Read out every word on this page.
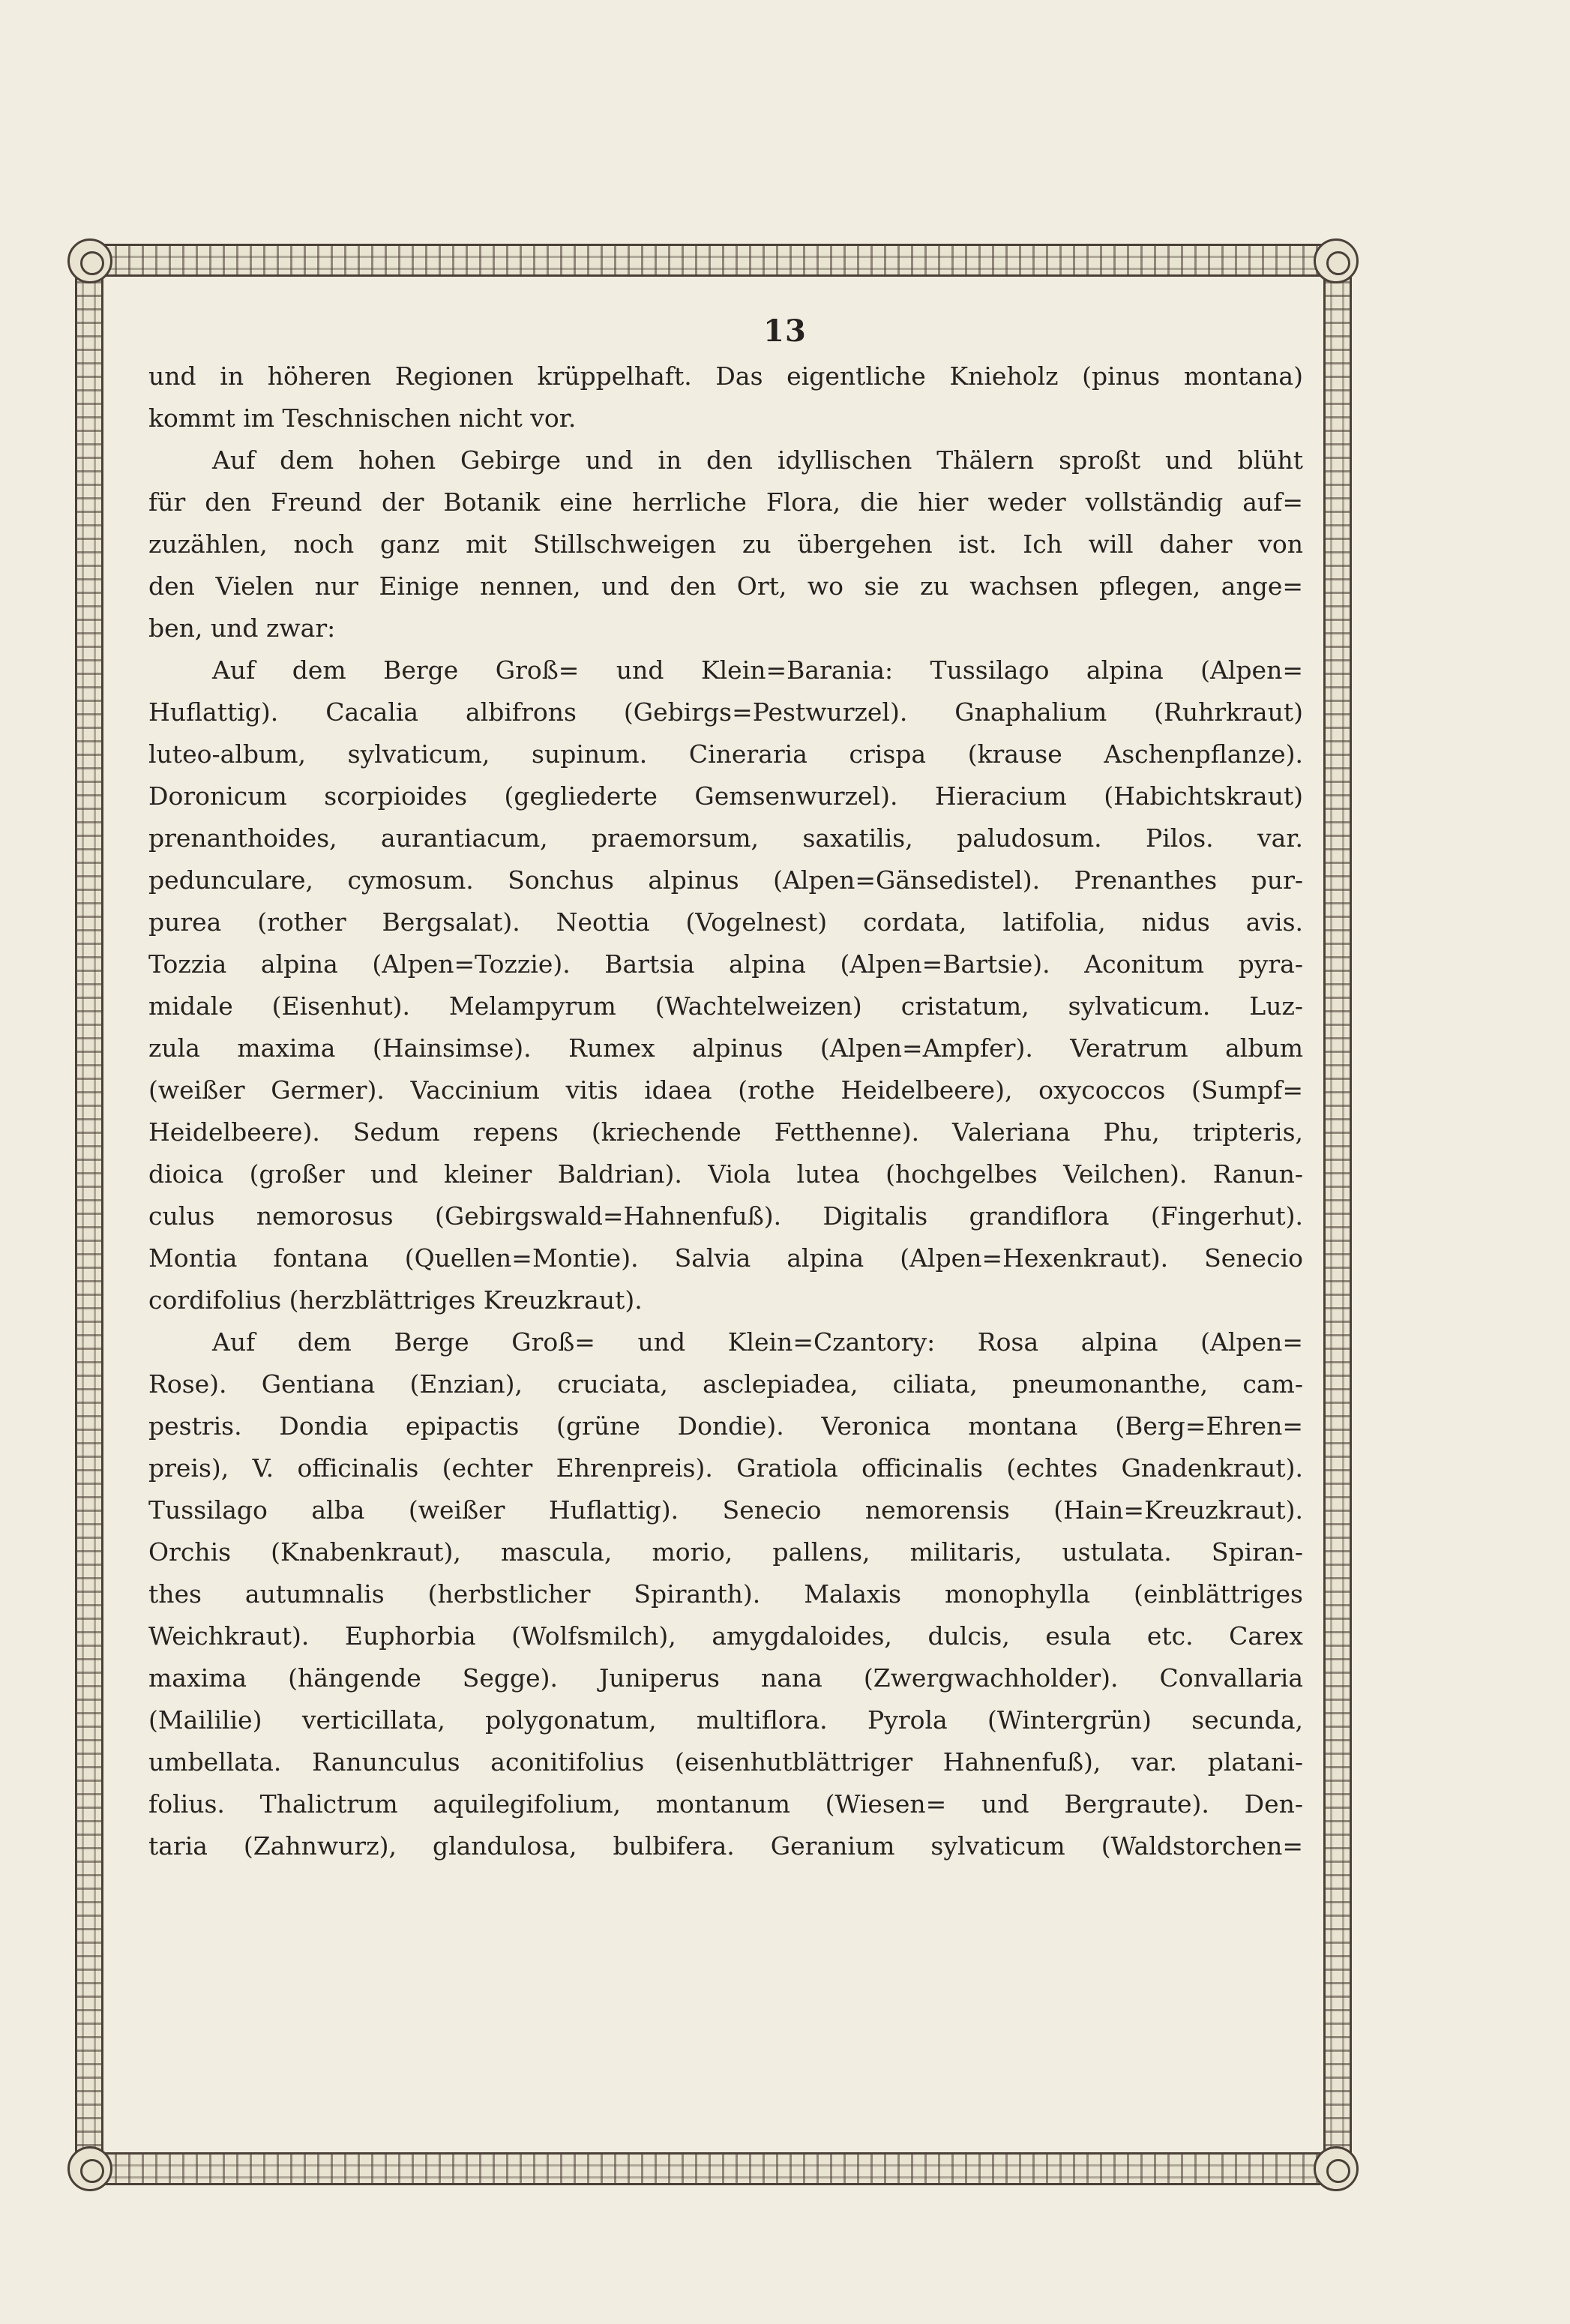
13
und in höheren Regionen krüppelhaft. Das eigentliche Knieholz (pinus montana)
kommt im Teschnischen nicht vor.
Auf dem hohen Gebirge und in den idyllischen Thälern sproßt und blüht
für den Freund der Botanik eine herrliche Flora, die hier weder vollständig auf=
zuzählen, noch ganz mit Stillschweigen zu übergehen ist. Ich will daher von
den Vielen nur Einige nennen, und den Ort, wo sie zu wachsen pflegen, ange=
ben, und zwar:
Auf dem Berge Groß= und Klein=Barania: Tussilago alpina (Alpen=
Huflattig). Cacalia albifrons (Gebirgs=Pestwurzel). Gnaphalium (Ruhrkraut)
luteo-album, sylvaticum, supinum. Cineraria crispa (krause Aschenpflanze).
Doronicum scorpioides (gegliederte Gemsenwurzel). Hieracium (Habichtskraut)
prenanthoides, aurantiacum, praemorsum, saxatilis, paludosum. Pilos. var.
pedunculare, cymosum. Sonchus alpinus (Alpen=Gänsedistel). Prenanthes pur-
purea (rother Bergsalat). Neottia (Vogelnest) cordata, latifolia, nidus avis.
Tozzia alpina (Alpen=Tozzie). Bartsia alpina (Alpen=Bartsie). Aconitum pyra-
midale (Eisenhut). Melampyrum (Wachtelweizen) cristatum, sylvaticum. Luz-
zula maxima (Hainsimse). Rumex alpinus (Alpen=Ampfer). Veratrum album
(weißer Germer). Vaccinium vitis idaea (rothe Heidelbeere), oxycoccos (Sumpf=
Heidelbeere). Sedum repens (kriechende Fetthenne). Valeriana Phu, tripteris,
dioica (großer und kleiner Baldrian). Viola lutea (hochgelbes Veilchen). Ranun-
culus nemorosus (Gebirgswald=Hahnenfuß). Digitalis grandiflora (Fingerhut).
Montia fontana (Quellen=Montie). Salvia alpina (Alpen=Hexenkraut). Senecio
cordifolius (herzblättriges Kreuzkraut).
Auf dem Berge Groß= und Klein=Czantory: Rosa alpina (Alpen=
Rose). Gentiana (Enzian), cruciata, asclepiadea, ciliata, pneumonanthe, cam-
pestris. Dondia epipactis (grüne Dondie). Veronica montana (Berg=Ehren=
preis), V. officinalis (echter Ehrenpreis). Gratiola officinalis (echtes Gnadenkraut).
Tussilago alba (weißer Huflattig). Senecio nemorensis (Hain=Kreuzkraut).
Orchis (Knabenkraut), mascula, morio, pallens, militaris, ustulata. Spiran-
thes autumnalis (herbstlicher Spiranth). Malaxis monophylla (einblättriges
Weichkraut). Euphorbia (Wolfsmilch), amygdaloides, dulcis, esula etc. Carex
maxima (hängende Segge). Juniperus nana (Zwergwachholder). Convallaria
(Maililie) verticillata, polygonatum, multiflora. Pyrola (Wintergrün) secunda,
umbellata. Ranunculus aconitifolius (eisenhutblättriger Hahnenfuß), var. platani-
folius. Thalictrum aquilegifolium, montanum (Wiesen= und Bergraute). Den-
taria (Zahnwurz), glandulosa, bulbifera. Geranium sylvaticum (Waldstorchen=
